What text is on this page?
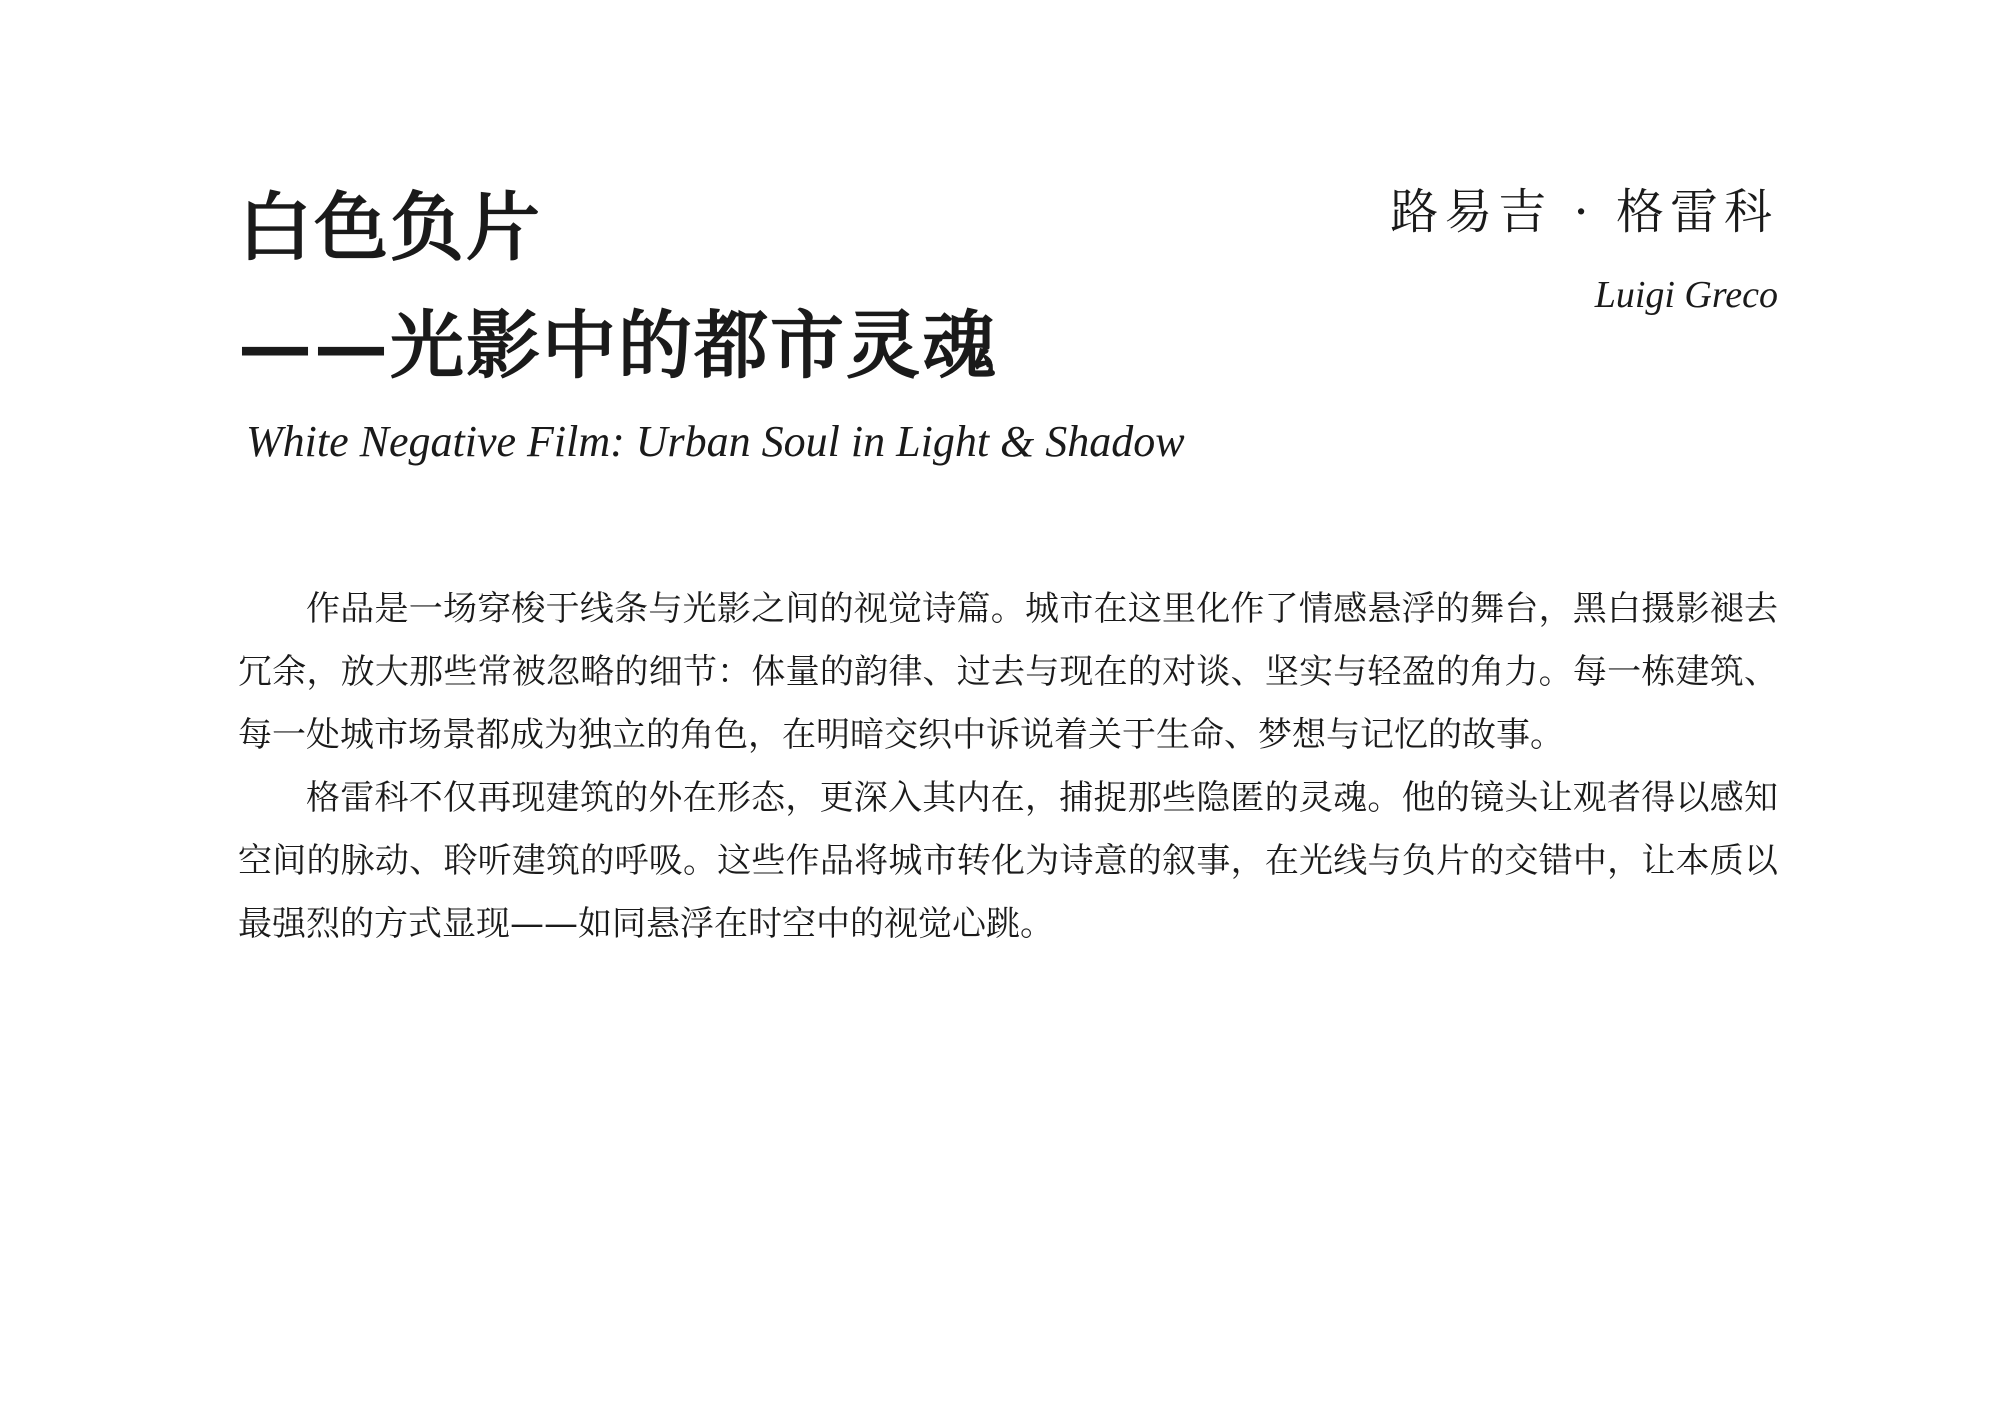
白色负片
——光影中的都市灵魂
White Negative Film: Urban Soul in Light & Shadow
路易吉 · 格雷科
Luigi Greco

作品是一场穿梭于线条与光影之间的视觉诗篇。城市在这里化作了情感悬浮的舞台，黑白摄影褪去冗余，放大那些常被忽略的细节：体量的韵律、过去与现在的对谈、坚实与轻盈的角力。每一栋建筑、每一处城市场景都成为独立的角色，在明暗交织中诉说着关于生命、梦想与记忆的故事。

格雷科不仅再现建筑的外在形态，更深入其内在，捕捉那些隐匿的灵魂。他的镜头让观者得以感知空间的脉动、聆听建筑的呼吸。这些作品将城市转化为诗意的叙事，在光线与负片的交错中，让本质以最强烈的方式显现——如同悬浮在时空中的视觉心跳。
